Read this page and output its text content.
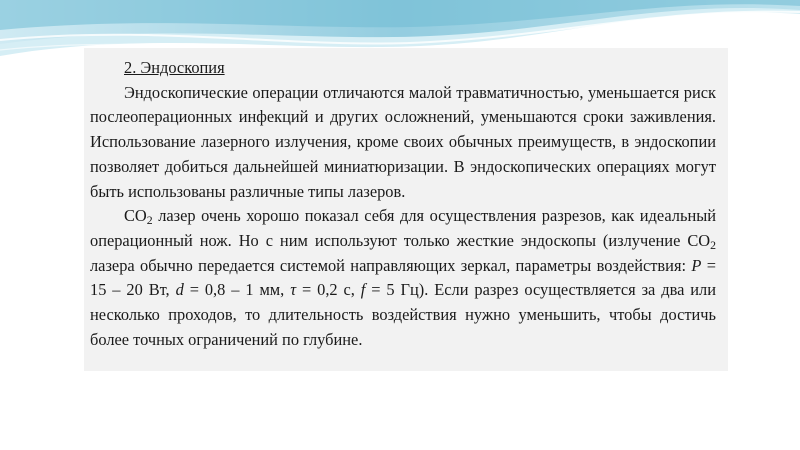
2. Эндоскопия

Эндоскопические операции отличаются малой травматичностью, уменьшается риск послеоперационных инфекций и других осложнений, уменьшаются сроки заживления. Использование лазерного излучения, кроме своих обычных преимуществ, в эндоскопии позволяет добиться дальнейшей миниатюризации. В эндоскопических операциях могут быть использованы различные типы лазеров.

$CO_2$ лазер очень хорошо показал себя для осуществления разрезов, как идеальный операционный нож. Но с ним используют только жесткие эндоскопы (излучение $CO_2$ лазера обычно передается системой направляющих зеркал, параметры воздействия: P = 15 – 20 Вт, d = 0,8 – 1 мм, τ = 0,2 с, f = 5 Гц). Если разрез осуществляется за два или несколько проходов, то длительность воздействия нужно уменьшить, чтобы достичь более точных ограничений по глубине.
